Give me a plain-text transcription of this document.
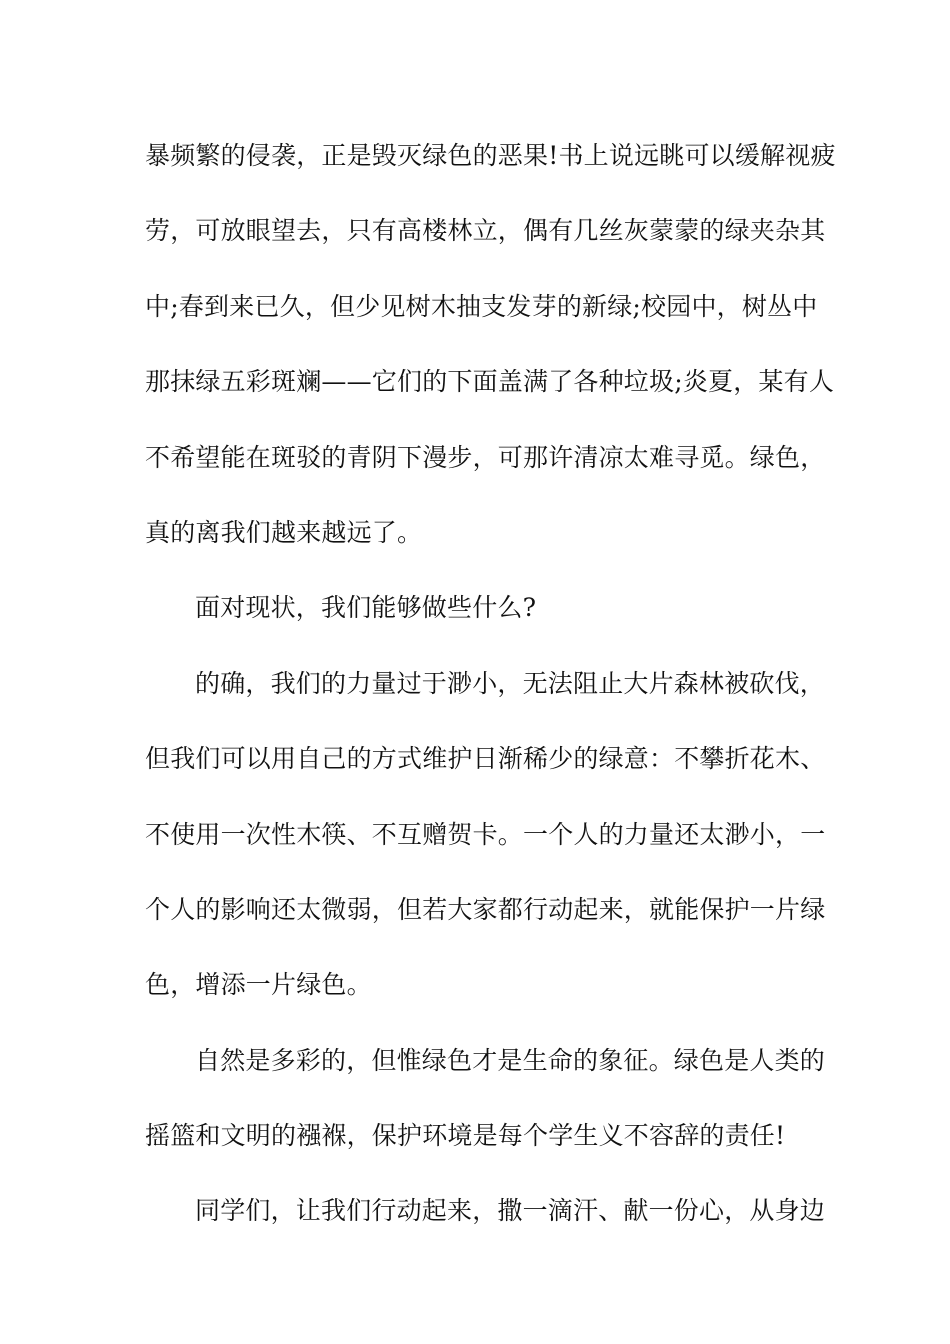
暴频繁的侵袭，正是毁灭绿色的恶果!书上说远眺可以缓解视疲
劳，可放眼望去，只有高楼林立，偶有几丝灰蒙蒙的绿夹杂其
中;春到来已久，但少见树木抽支发芽的新绿;校园中，树丛中
那抹绿五彩斑斓——它们的下面盖满了各种垃圾;炎夏，某有人
不希望能在斑驳的青阴下漫步，可那许清凉太难寻觅。绿色，
真的离我们越来越远了。
面对现状，我们能够做些什么?
的确，我们的力量过于渺小，无法阻止大片森林被砍伐，
但我们可以用自己的方式维护日渐稀少的绿意：不攀折花木、
不使用一次性木筷、不互赠贺卡。一个人的力量还太渺小，一
个人的影响还太微弱，但若大家都行动起来，就能保护一片绿
色，增添一片绿色。
自然是多彩的，但惟绿色才是生命的象征。绿色是人类的
摇篮和文明的襁褓，保护环境是每个学生义不容辞的责任!
同学们，让我们行动起来，撒一滴汗、献一份心，从身边
